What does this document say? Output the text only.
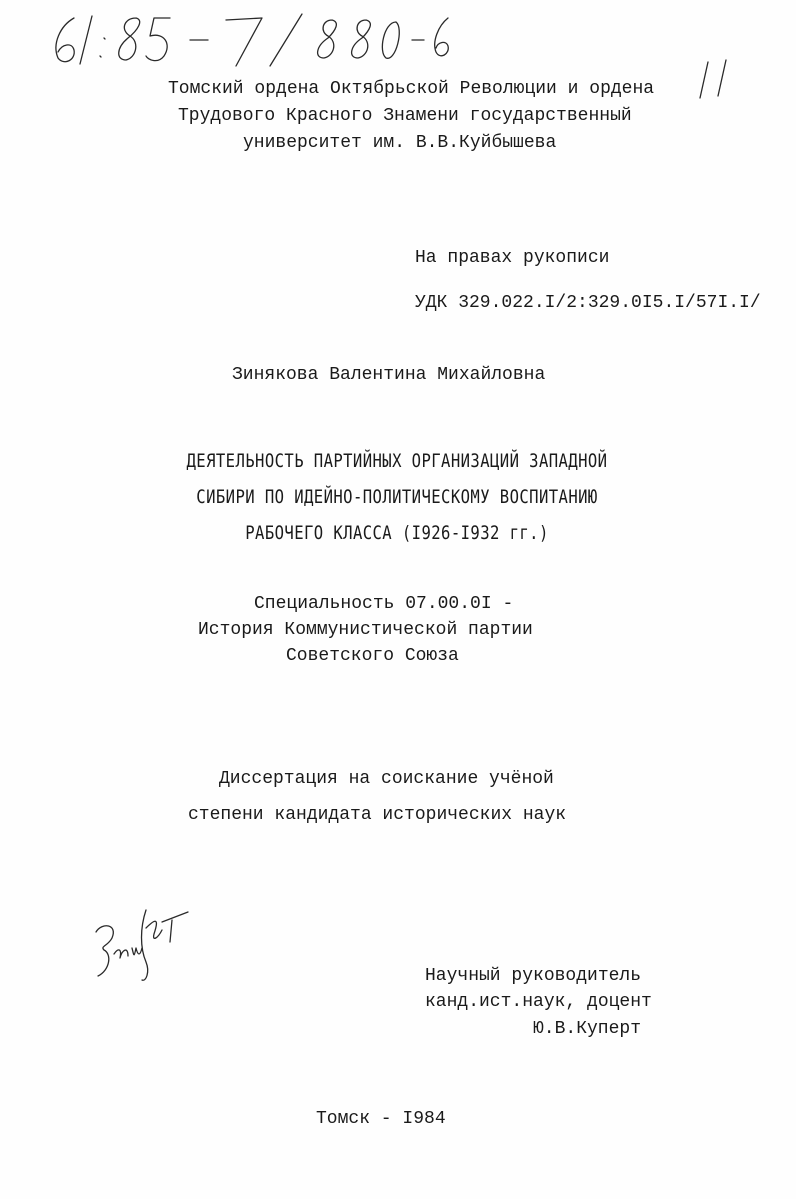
Томский ордена Октябрьской Революции и ордена
Трудового Красного Знамени государственный
университет им. В.В.Куйбышева
На правах рукописи
УДК 329.022.I/2:329.0I5.I/57I.I/
Зинякова Валентина Михайловна
ДЕЯТЕЛЬНОСТЬ ПАРТИЙНЫХ ОРГАНИЗАЦИЙ ЗАПАДНОЙ
СИБИРИ ПО ИДЕЙНО-ПОЛИТИЧЕСКОМУ ВОСПИТАНИЮ
РАБОЧЕГО КЛАССА (I926-I932 гг.)
Специальность 07.00.0I -
История Коммунистической партии
Советского Союза
Диссертация на соискание учёной
степени кандидата исторических наук
Научный руководитель
канд.ист.наук, доцент
Ю.В.Куперт
Томск - I984
